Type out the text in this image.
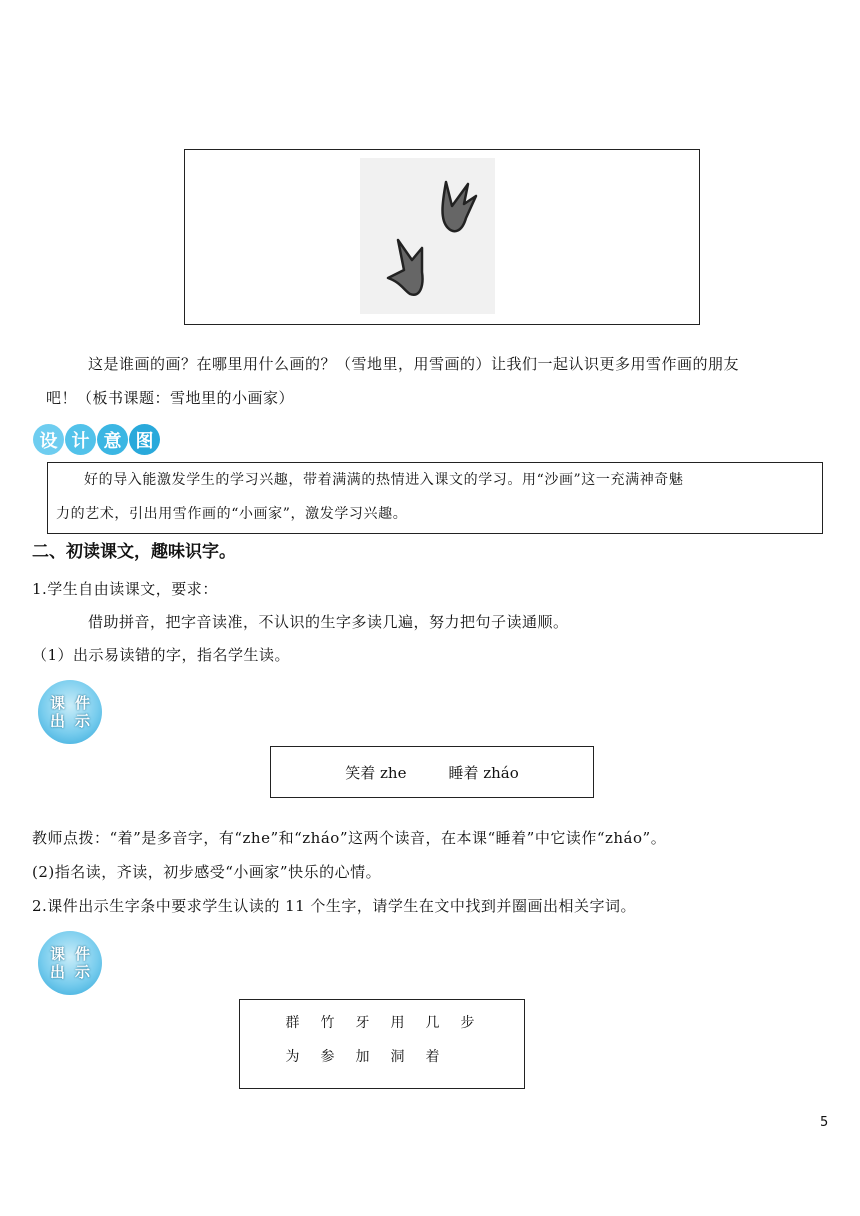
这是谁画的画？在哪里用什么画的？（雪地里，用雪画的）让我们一起认识更多用雪作画的朋友
吧！（板书课题：雪地里的小画家）
设 计 意 图
好的导入能激发学生的学习兴趣，带着满满的热情进入课文的学习。用“沙画”这一充满神奇魅
力的艺术，引出用雪作画的“小画家”，激发学习兴趣。
二、初读课文，趣味识字。
1.学生自由读课文，要求：
借助拼音，把字音读准，不认识的生字多读几遍，努力把句子读通顺。
（1）出示易读错的字，指名学生读。
课 件
出 示
笑着 zhe	睡着 zháo
教师点拨：“着”是多音字，有“zhe”和“zháo”这两个读音，在本课“睡着”中它读作“zháo”。
(2)指名读，齐读，初步感受“小画家”快乐的心情。
2.课件出示生字条中要求学生认读的 11 个生字，请学生在文中找到并圈画出相关字词。
课 件
出 示
群 竹 牙 用 几 步
为 参 加 洞 着
5
